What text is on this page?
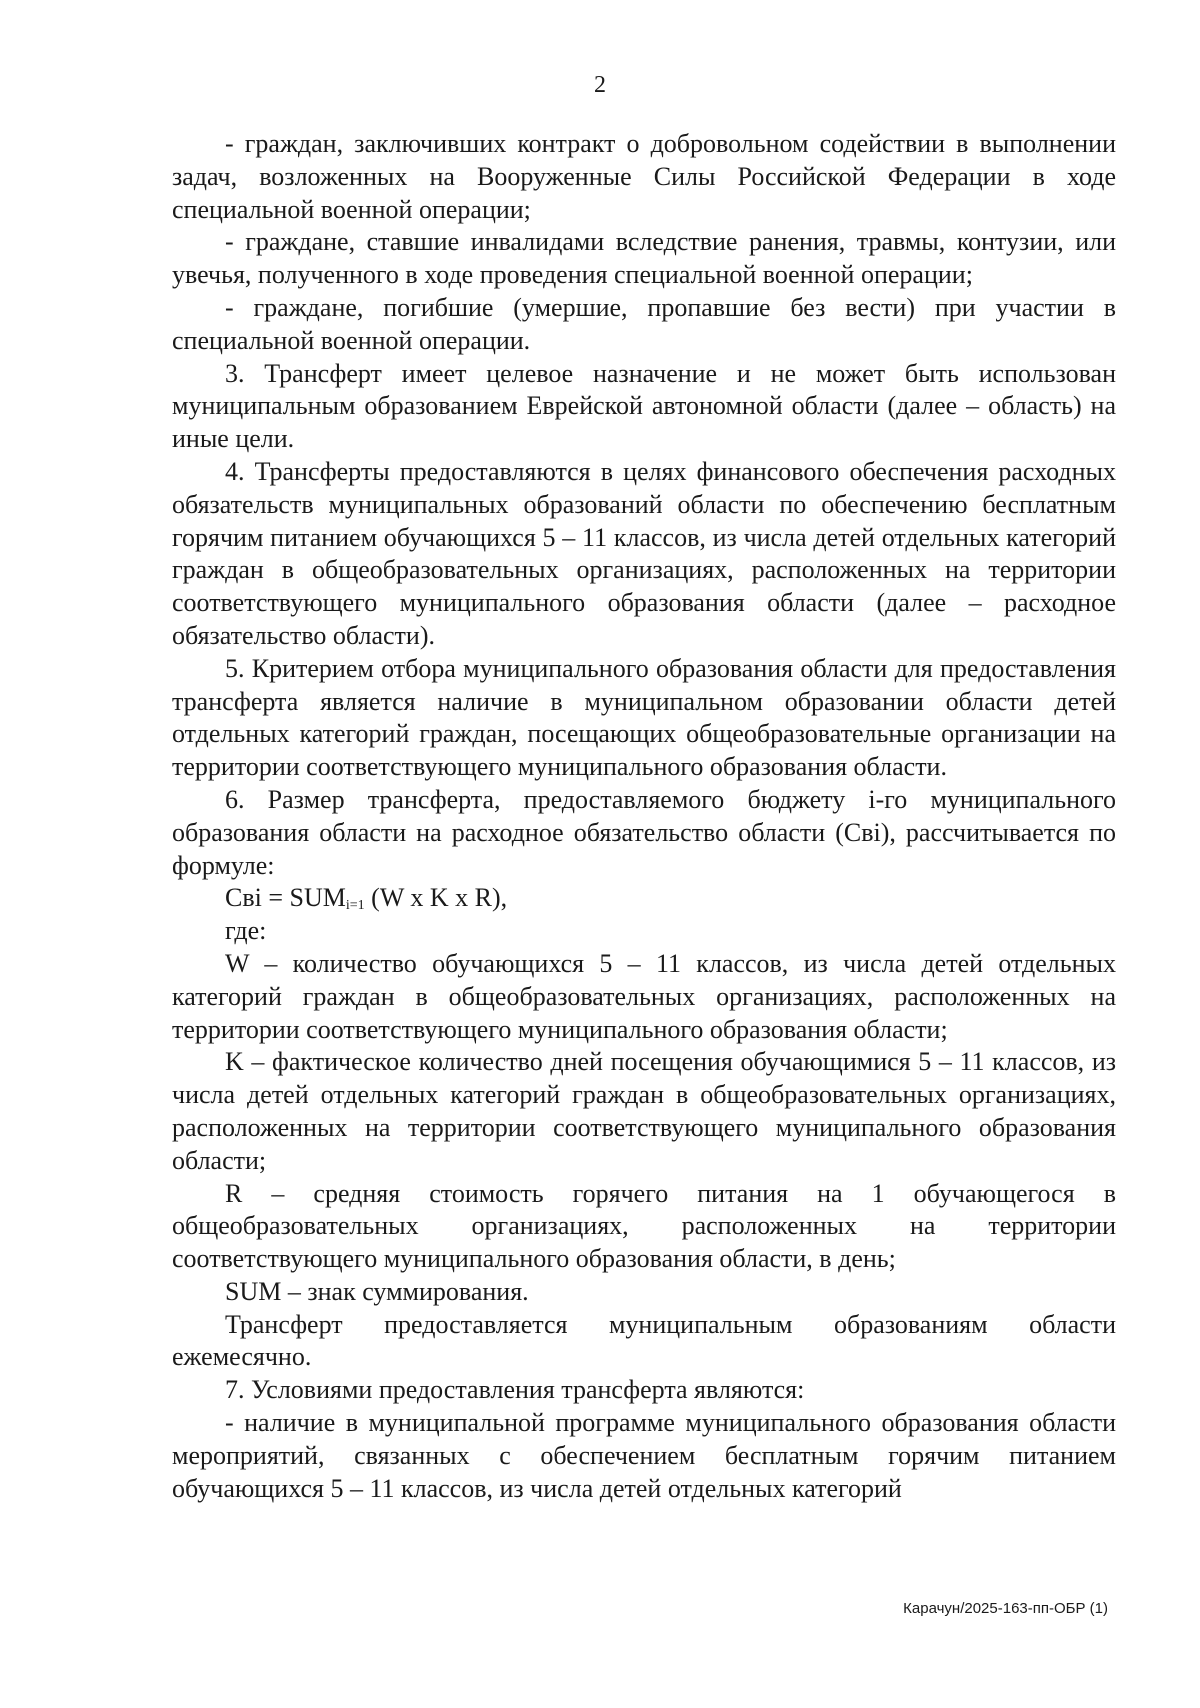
2

- граждан, заключивших контракт о добровольном содействии в выполнении задач, возложенных на Вооруженные Силы Российской Федерации в ходе специальной военной операции;

- граждане, ставшие инвалидами вследствие ранения, травмы, контузии, или увечья, полученного в ходе проведения специальной военной операции;

- граждане, погибшие (умершие, пропавшие без вести) при участии в специальной военной операции.

3. Трансферт имеет целевое назначение и не может быть использован муниципальным образованием Еврейской автономной области (далее – область) на иные цели.

4. Трансферты предоставляются в целях финансового обеспечения расходных обязательств муниципальных образований области по обеспечению бесплатным горячим питанием обучающихся 5 – 11 классов, из числа детей отдельных категорий граждан в общеобразовательных организациях, расположенных на территории соответствующего муниципального образования области (далее – расходное обязательство области).

5. Критерием отбора муниципального образования области для предоставления трансферта является наличие в муниципальном образовании области детей отдельных категорий граждан, посещающих общеобразовательные организации на территории соответствующего муниципального образования области.

6. Размер трансферта, предоставляемого бюджету i-го муниципального образования области на расходное обязательство области (Свi), рассчитывается по формуле:

Свi = $SUM_{i=1}$ (W x K x R),
где:

W – количество обучающихся 5 – 11 классов, из числа детей отдельных категорий граждан в общеобразовательных организациях, расположенных на территории соответствующего муниципального образования области;

K – фактическое количество дней посещения обучающимися 5 – 11 классов, из числа детей отдельных категорий граждан в общеобразовательных организациях, расположенных на территории соответствующего муниципального образования области;

R – средняя стоимость горячего питания на 1 обучающегося в общеобразовательных организациях, расположенных на территории соответствующего муниципального образования области, в день;

SUM – знак суммирования.

Трансферт предоставляется муниципальным образованиям области ежемесячно.

7. Условиями предоставления трансферта являются:

- наличие в муниципальной программе муниципального образования области мероприятий, связанных с обеспечением бесплатным горячим питанием обучающихся 5 – 11 классов, из числа детей отдельных категорий

Карачун/2025-163-пп-ОБР (1)
